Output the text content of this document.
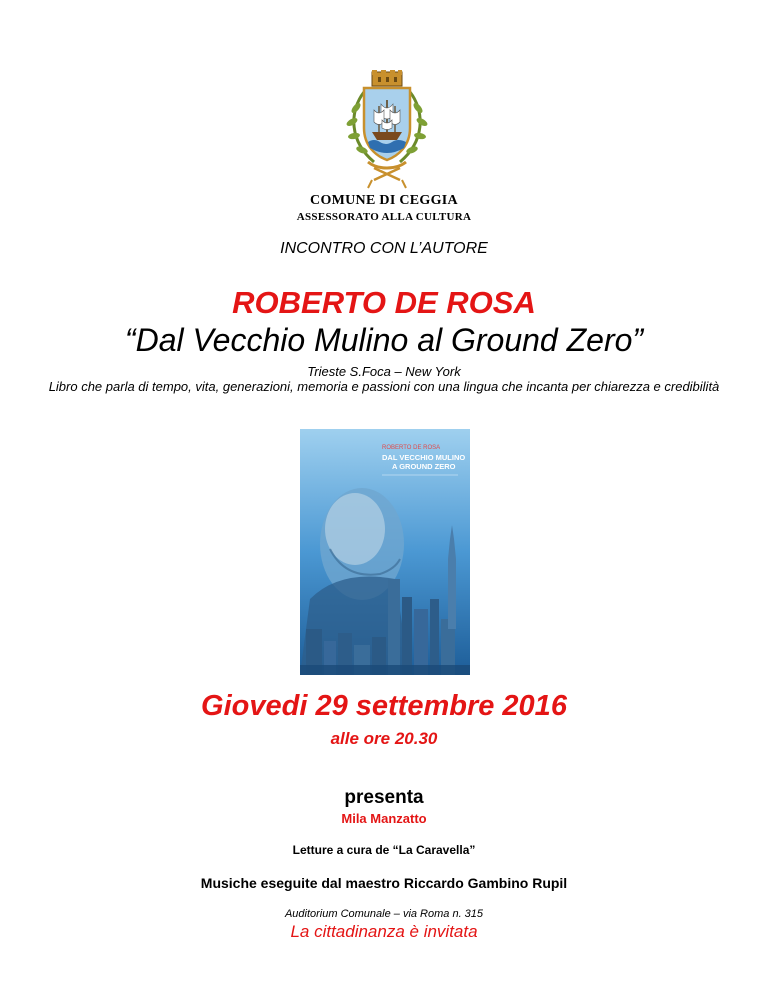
COMUNE DI CEGGIA
ASSESSORATO ALLA CULTURA
INCONTRO CON L’AUTORE
ROBERTO DE ROSA
“Dal Vecchio Mulino al Ground Zero”
Trieste S.Foca – New York
Libro che parla di tempo, vita, generazioni, memoria e passioni con una lingua che incanta per chiarezza e credibilità
ROBERTO DE ROSA
DAL VECCHIO MULINO
A GROUND ZERO
Giovedi 29 settembre 2016
alle ore 20.30
presenta
Mila Manzatto
Letture a cura de “La Caravella”
Musiche eseguite dal maestro Riccardo Gambino Rupil
Auditorium Comunale – via Roma n. 315
La cittadinanza è invitata
